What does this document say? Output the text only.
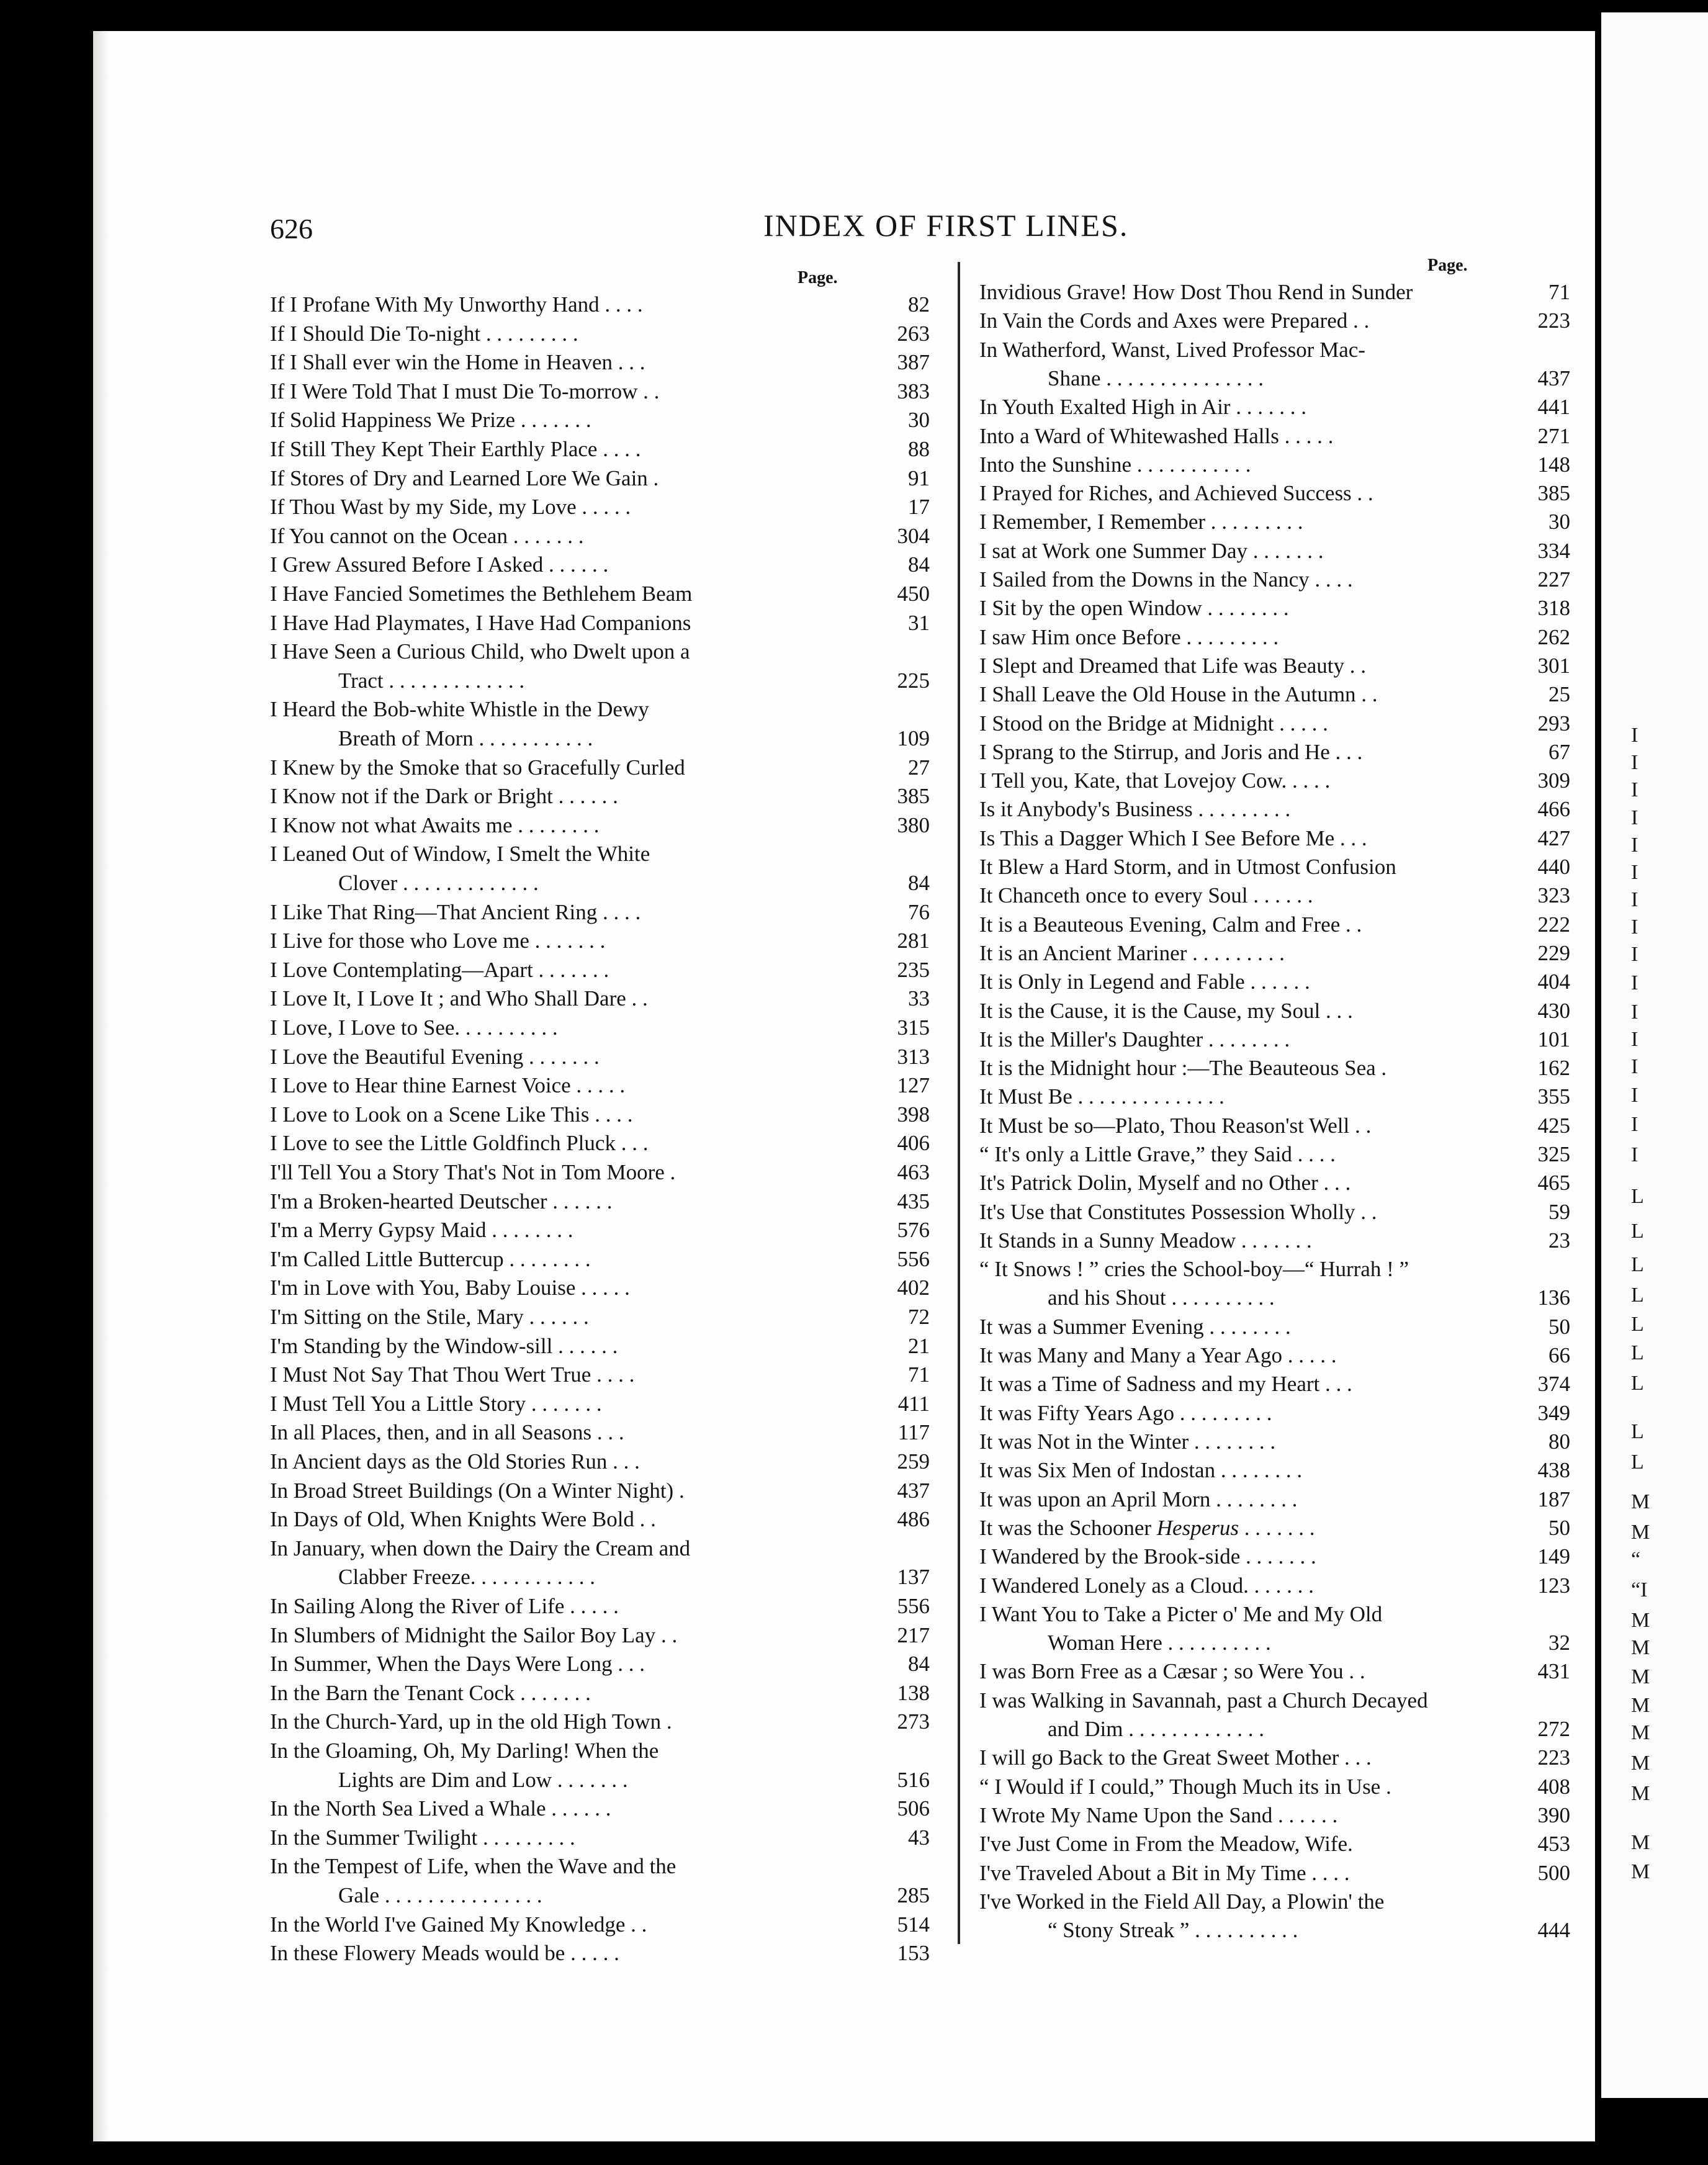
626	INDEX OF FIRST LINES.
Page.
If I Profane With My Unworthy Hand . . . .	82
If I Should Die To-night . . . . . . . . .	263
If I Shall ever win the Home in Heaven . . .	387
If I Were Told That I must Die To-morrow . .	383
If Solid Happiness We Prize . . . . . . .	30
If Still They Kept Their Earthly Place . . . .	88
If Stores of Dry and Learned Lore We Gain .	91
If Thou Wast by my Side, my Love . . . . .	17
If You cannot on the Ocean . . . . . . .	304
I Grew Assured Before I Asked . . . . . .	84
I Have Fancied Sometimes the Bethlehem Beam	450
I Have Had Playmates, I Have Had Companions	31
I Have Seen a Curious Child, who Dwelt upon a
Tract . . . . . . . . . . . . .	225
I Heard the Bob-white Whistle in the Dewy
Breath of Morn . . . . . . . . . . .	109
I Knew by the Smoke that so Gracefully Curled	27
I Know not if the Dark or Bright . . . . . .	385
I Know not what Awaits me . . . . . . . .	380
I Leaned Out of Window, I Smelt the White
Clover . . . . . . . . . . . . .	84
I Like That Ring—That Ancient Ring . . . .	76
I Live for those who Love me . . . . . . .	281
I Love Contemplating—Apart . . . . . . .	235
I Love It, I Love It ; and Who Shall Dare . .	33
I Love, I Love to See. . . . . . . . . .	315
I Love the Beautiful Evening . . . . . . .	313
I Love to Hear thine Earnest Voice . . . . .	127
I Love to Look on a Scene Like This . . . .	398
I Love to see the Little Goldfinch Pluck . . .	406
I'll Tell You a Story That's Not in Tom Moore .	463
I'm a Broken-hearted Deutscher . . . . . .	435
I'm a Merry Gypsy Maid . . . . . . . .	576
I'm Called Little Buttercup . . . . . . . .	556
I'm in Love with You, Baby Louise . . . . .	402
I'm Sitting on the Stile, Mary . . . . . .	72
I'm Standing by the Window-sill . . . . . .	21
I Must Not Say That Thou Wert True . . . .	71
I Must Tell You a Little Story . . . . . . .	411
In all Places, then, and in all Seasons . . .	117
In Ancient days as the Old Stories Run . . .	259
In Broad Street Buildings (On a Winter Night) .	437
In Days of Old, When Knights Were Bold . .	486
In January, when down the Dairy the Cream and
Clabber Freeze. . . . . . . . . . . .	137
In Sailing Along the River of Life . . . . .	556
In Slumbers of Midnight the Sailor Boy Lay . .	217
In Summer, When the Days Were Long . . .	84
In the Barn the Tenant Cock . . . . . . .	138
In the Church-Yard, up in the old High Town .	273
In the Gloaming, Oh, My Darling! When the
Lights are Dim and Low . . . . . . .	516
In the North Sea Lived a Whale . . . . . .	506
In the Summer Twilight . . . . . . . . .	43
In the Tempest of Life, when the Wave and the
Gale . . . . . . . . . . . . . . .	285
In the World I've Gained My Knowledge . .	514
In these Flowery Meads would be . . . . .	153
Page.
Invidious Grave! How Dost Thou Rend in Sunder	71
In Vain the Cords and Axes were Prepared . .	223
In Watherford, Wanst, Lived Professor Mac-
Shane . . . . . . . . . . . . . . .	437
In Youth Exalted High in Air . . . . . . .	441
Into a Ward of Whitewashed Halls . . . . .	271
Into the Sunshine . . . . . . . . . . .	148
I Prayed for Riches, and Achieved Success . .	385
I Remember, I Remember . . . . . . . . .	30
I sat at Work one Summer Day . . . . . . .	334
I Sailed from the Downs in the Nancy . . . .	227
I Sit by the open Window . . . . . . . .	318
I saw Him once Before . . . . . . . . .	262
I Slept and Dreamed that Life was Beauty . .	301
I Shall Leave the Old House in the Autumn . .	25
I Stood on the Bridge at Midnight . . . . .	293
I Sprang to the Stirrup, and Joris and He . . .	67
I Tell you, Kate, that Lovejoy Cow. . . . .	309
Is it Anybody's Business . . . . . . . . .	466
Is This a Dagger Which I See Before Me . . .	427
It Blew a Hard Storm, and in Utmost Confusion	440
It Chanceth once to every Soul . . . . . .	323
It is a Beauteous Evening, Calm and Free . .	222
It is an Ancient Mariner . . . . . . . . .	229
It is Only in Legend and Fable . . . . . .	404
It is the Cause, it is the Cause, my Soul . . .	430
It is the Miller's Daughter . . . . . . . .	101
It is the Midnight hour :—The Beauteous Sea .	162
It Must Be . . . . . . . . . . . . . .	355
It Must be so—Plato, Thou Reason'st Well . .	425
“ It's only a Little Grave,” they Said . . . .	325
It's Patrick Dolin, Myself and no Other . . .	465
It's Use that Constitutes Possession Wholly . .	59
It Stands in a Sunny Meadow . . . . . . .	23
“ It Snows ! ” cries the School-boy—“ Hurrah ! ”
and his Shout . . . . . . . . . .	136
It was a Summer Evening . . . . . . . .	50
It was Many and Many a Year Ago . . . . .	66
It was a Time of Sadness and my Heart . . .	374
It was Fifty Years Ago . . . . . . . . .	349
It was Not in the Winter . . . . . . . .	80
It was Six Men of Indostan . . . . . . . .	438
It was upon an April Morn . . . . . . . .	187
It was the Schooner Hesperus . . . . . . .	50
I Wandered by the Brook-side . . . . . . .	149
I Wandered Lonely as a Cloud. . . . . . .	123
I Want You to Take a Picter o' Me and My Old
Woman Here . . . . . . . . . .	32
I was Born Free as a Cæsar ; so Were You . .	431
I was Walking in Savannah, past a Church Decayed
and Dim . . . . . . . . . . . . .	272
I will go Back to the Great Sweet Mother . . .	223
“ I Would if I could,” Though Much its in Use .	408
I Wrote My Name Upon the Sand . . . . . .	390
I've Just Come in From the Meadow, Wife.	453
I've Traveled About a Bit in My Time . . . .	500
I've Worked in the Field All Day, a Plowin' the
“ Stony Streak ” . . . . . . . . . .	444
I
I
I
I
I
I
I
I
I
I
I
I
I
I
I
I
L
L
L
L
L
L
L
L
L
M
M
“
“I
M
M
M
M
M
M
M
M
M
